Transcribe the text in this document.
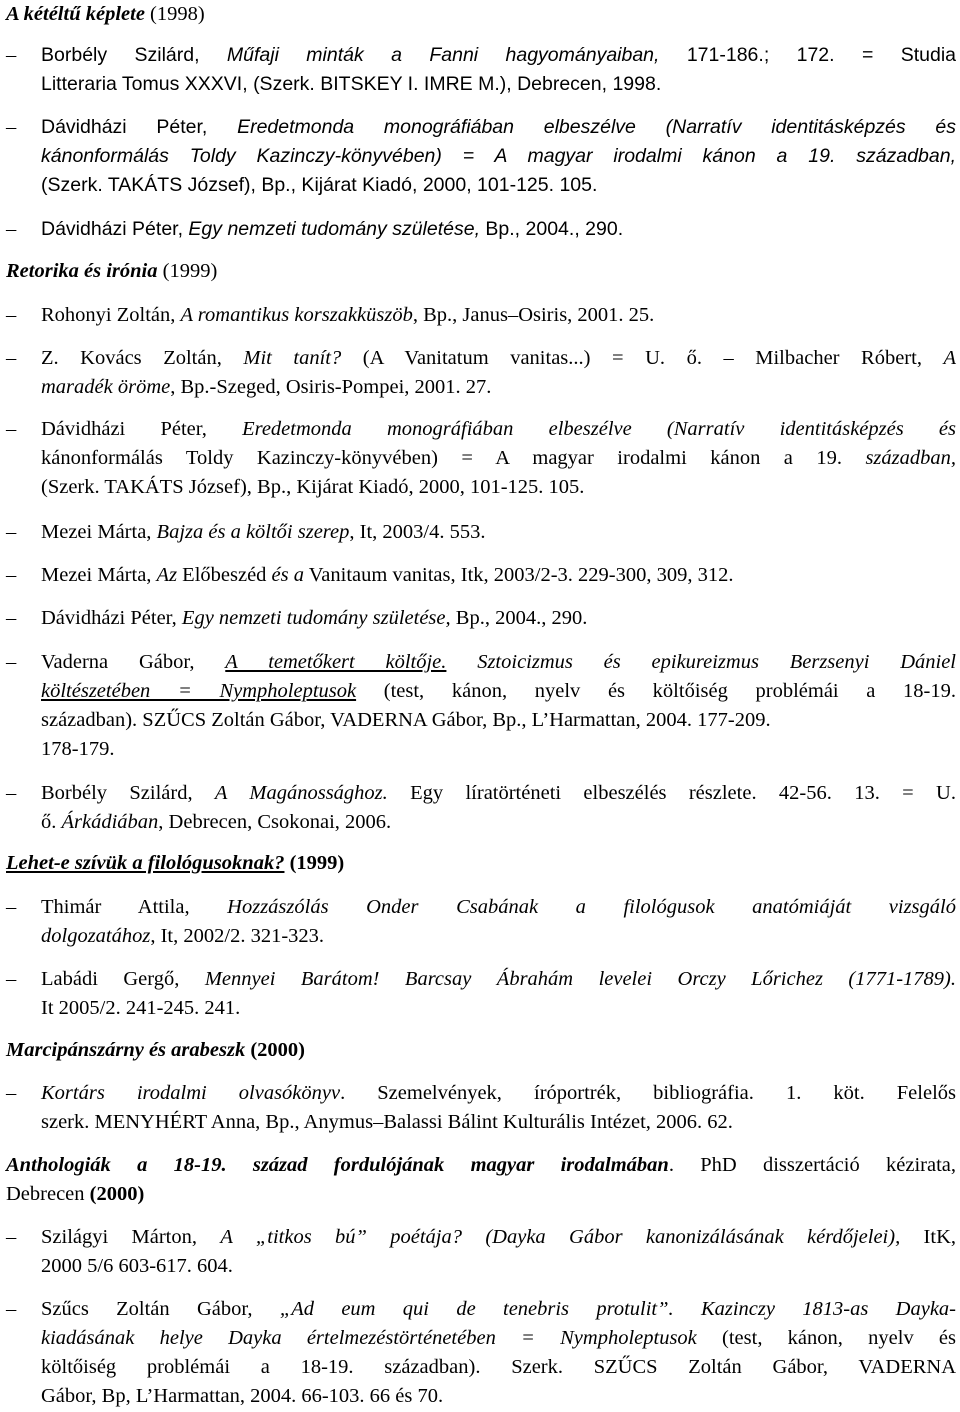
A kétéltű képlete (1998)
–	Borbély Szilárd, Műfaji minták a Fanni hagyományaiban, 171-186.; 172. = Studia
Litteraria Tomus XXXVI, (Szerk. BITSKEY I. IMRE M.), Debrecen, 1998.
–	Dávidházi Péter, Eredetmonda monográfiában elbeszélve (Narratív identitásképzés és
kánonformálás Toldy Kazinczy-könyvében) = A magyar irodalmi kánon a 19. században,
(Szerk. TAKÁTS József), Bp., Kijárat Kiadó, 2000, 101-125. 105.
–	Dávidházi Péter, Egy nemzeti tudomány születése, Bp., 2004., 290.
Retorika és irónia (1999)
–	Rohonyi Zoltán, A romantikus korszakküszöb, Bp., Janus–Osiris, 2001. 25.
–	Z. Kovács Zoltán, Mit tanít? (A Vanitatum vanitas...) = U. ő. – Milbacher Róbert, A
maradék öröme, Bp.-Szeged, Osiris-Pompei, 2001. 27.
–	Dávidházi Péter, Eredetmonda monográfiában elbeszélve (Narratív identitásképzés és
kánonformálás Toldy Kazinczy-könyvében) = A magyar irodalmi kánon a 19. században,
(Szerk. TAKÁTS József), Bp., Kijárat Kiadó, 2000, 101-125. 105.
–	Mezei Márta, Bajza és a költői szerep, It, 2003/4. 553.
–	Mezei Márta, Az Előbeszéd és a Vanitaum vanitas, Itk, 2003/2-3. 229-300, 309, 312.
–	Dávidházi Péter, Egy nemzeti tudomány születése, Bp., 2004., 290.
–	Vaderna Gábor, A temetőkert költője. Sztoicizmus és epikureizmus Berzsenyi Dániel
költészetében = Nympholeptusok (test, kánon, nyelv és költőiség problémái a 18-19.
században). SZŰCS Zoltán Gábor, VADERNA Gábor, Bp., L’Harmattan, 2004. 177-209.
178-179.
–	Borbély Szilárd, A Magánossághoz. Egy líratörténeti elbeszélés részlete. 42-56. 13. = U.
ő. Árkádiában, Debrecen, Csokonai, 2006.
Lehet-e szívük a filológusoknak? (1999)
–	Thimár Attila, Hozzászólás Onder Csabának a filológusok anatómiáját vizsgáló
dolgozatához, It, 2002/2. 321-323.
–	Labádi Gergő, Mennyei Barátom! Barcsay Ábrahám levelei Orczy Lőrichez (1771-1789).
It 2005/2. 241-245. 241.
Marcipánszárny és arabeszk (2000)
–	Kortárs irodalmi olvasókönyv. Szemelvények, íróportrék, bibliográfia. 1. köt. Felelős
szerk. MENYHÉRT Anna, Bp., Anymus–Balassi Bálint Kulturális Intézet, 2006. 62.
Anthologiák a 18-19. század fordulójának magyar irodalmában. PhD disszertáció kézirata,
Debrecen (2000)
–	Szilágyi Márton, A „titkos bú” poétája? (Dayka Gábor kanonizálásának kérdőjelei), ItK,
2000 5/6 603-617. 604.
–	Szűcs Zoltán Gábor, „Ad eum qui de tenebris protulit”. Kazinczy 1813-as Dayka-
kiadásának helye Dayka értelmezéstörténetében = Nympholeptusok (test, kánon, nyelv és
költőiség problémái a 18-19. században). Szerk. SZŰCS Zoltán Gábor, VADERNA
Gábor, Bp, L’Harmattan, 2004. 66-103. 66 és 70.
